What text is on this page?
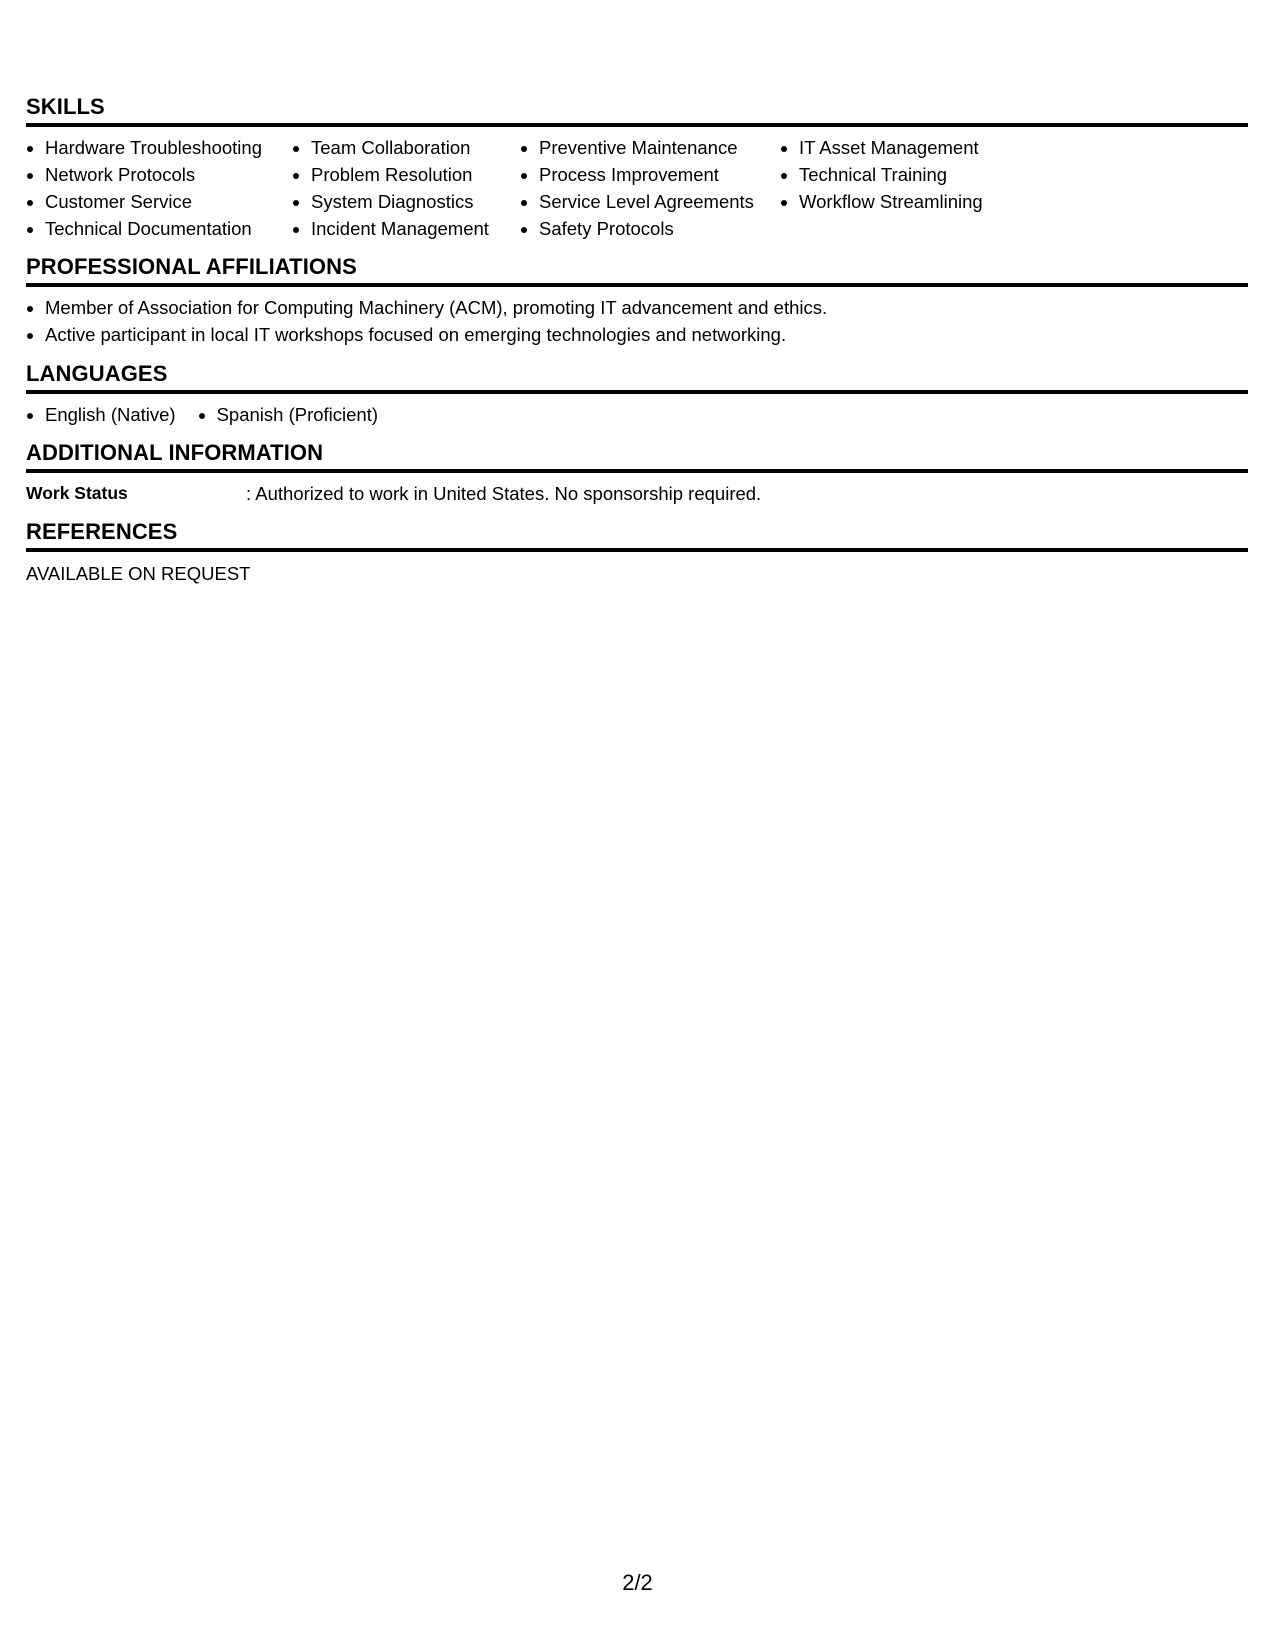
SKILLS
Hardware Troubleshooting
Network Protocols
Customer Service
Technical Documentation
Team Collaboration
Problem Resolution
System Diagnostics
Incident Management
Preventive Maintenance
Process Improvement
Service Level Agreements
Safety Protocols
IT Asset Management
Technical Training
Workflow Streamlining
PROFESSIONAL AFFILIATIONS
Member of Association for Computing Machinery (ACM), promoting IT advancement and ethics.
Active participant in local IT workshops focused on emerging technologies and networking.
LANGUAGES
English (Native)	Spanish (Proficient)
ADDITIONAL INFORMATION
Work Status	: Authorized to work in United States. No sponsorship required.
REFERENCES
AVAILABLE ON REQUEST
2/2
